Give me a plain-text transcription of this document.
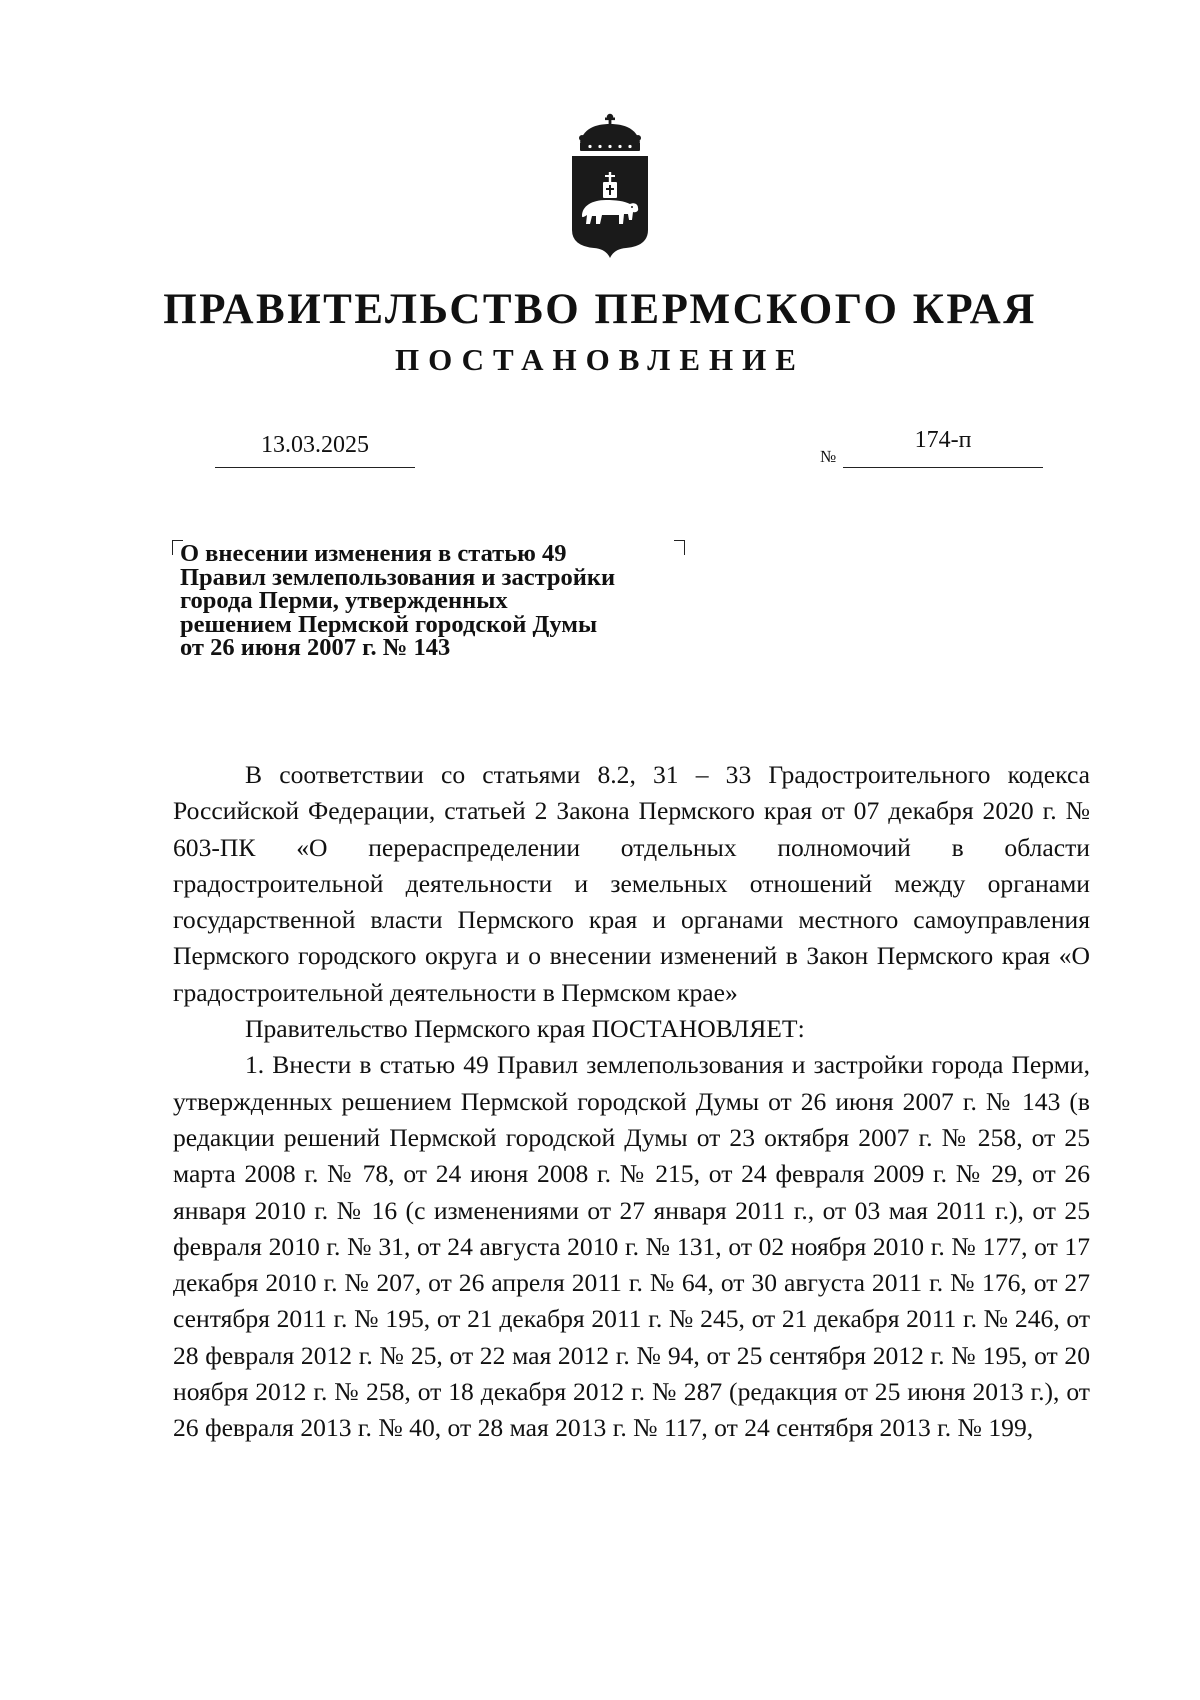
ПРАВИТЕЛЬСТВО ПЕРМСКОГО КРАЯ
ПОСТАНОВЛЕНИЕ
13.03.2025	№
174-п
О внесении изменения в статью 49
Правил землепользования и застройки
города Перми, утвержденных
решением Пермской городской Думы
от 26 июня 2007 г. № 143

В соответствии со статьями 8.2, 31 – 33 Градостроительного кодекса Российской Федерации, статьей 2 Закона Пермского края от 07 декабря 2020 г. № 603-ПК «О перераспределении отдельных полномочий в области градостроительной деятельности и земельных отношений между органами государственной власти Пермского края и органами местного самоуправления Пермского городского округа и о внесении изменений в Закон Пермского края «О градостроительной деятельности в Пермском крае»

Правительство Пермского края ПОСТАНОВЛЯЕТ:

1. Внести в статью 49 Правил землепользования и застройки города Перми, утвержденных решением Пермской городской Думы от 26 июня 2007 г. № 143 (в редакции решений Пермской городской Думы от 23 октября 2007 г. № 258, от 25 марта 2008 г. № 78, от 24 июня 2008 г. № 215, от 24 февраля 2009 г. № 29, от 26 января 2010 г. № 16 (с изменениями от 27 января 2011 г., от 03 мая 2011 г.), от 25 февраля 2010 г. № 31, от 24 августа 2010 г. № 131, от 02 ноября 2010 г. № 177, от 17 декабря 2010 г. № 207, от 26 апреля 2011 г. № 64, от 30 августа 2011 г. № 176, от 27 сентября 2011 г. № 195, от 21 декабря 2011 г. № 245, от 21 декабря 2011 г. № 246, от 28 февраля 2012 г. № 25, от 22 мая 2012 г. № 94, от 25 сентября 2012 г. № 195, от 20 ноября 2012 г. № 258, от 18 декабря 2012 г. № 287 (редакция от 25 июня 2013 г.), от 26 февраля 2013 г. № 40, от 28 мая 2013 г. № 117, от 24 сентября 2013 г. № 199,
